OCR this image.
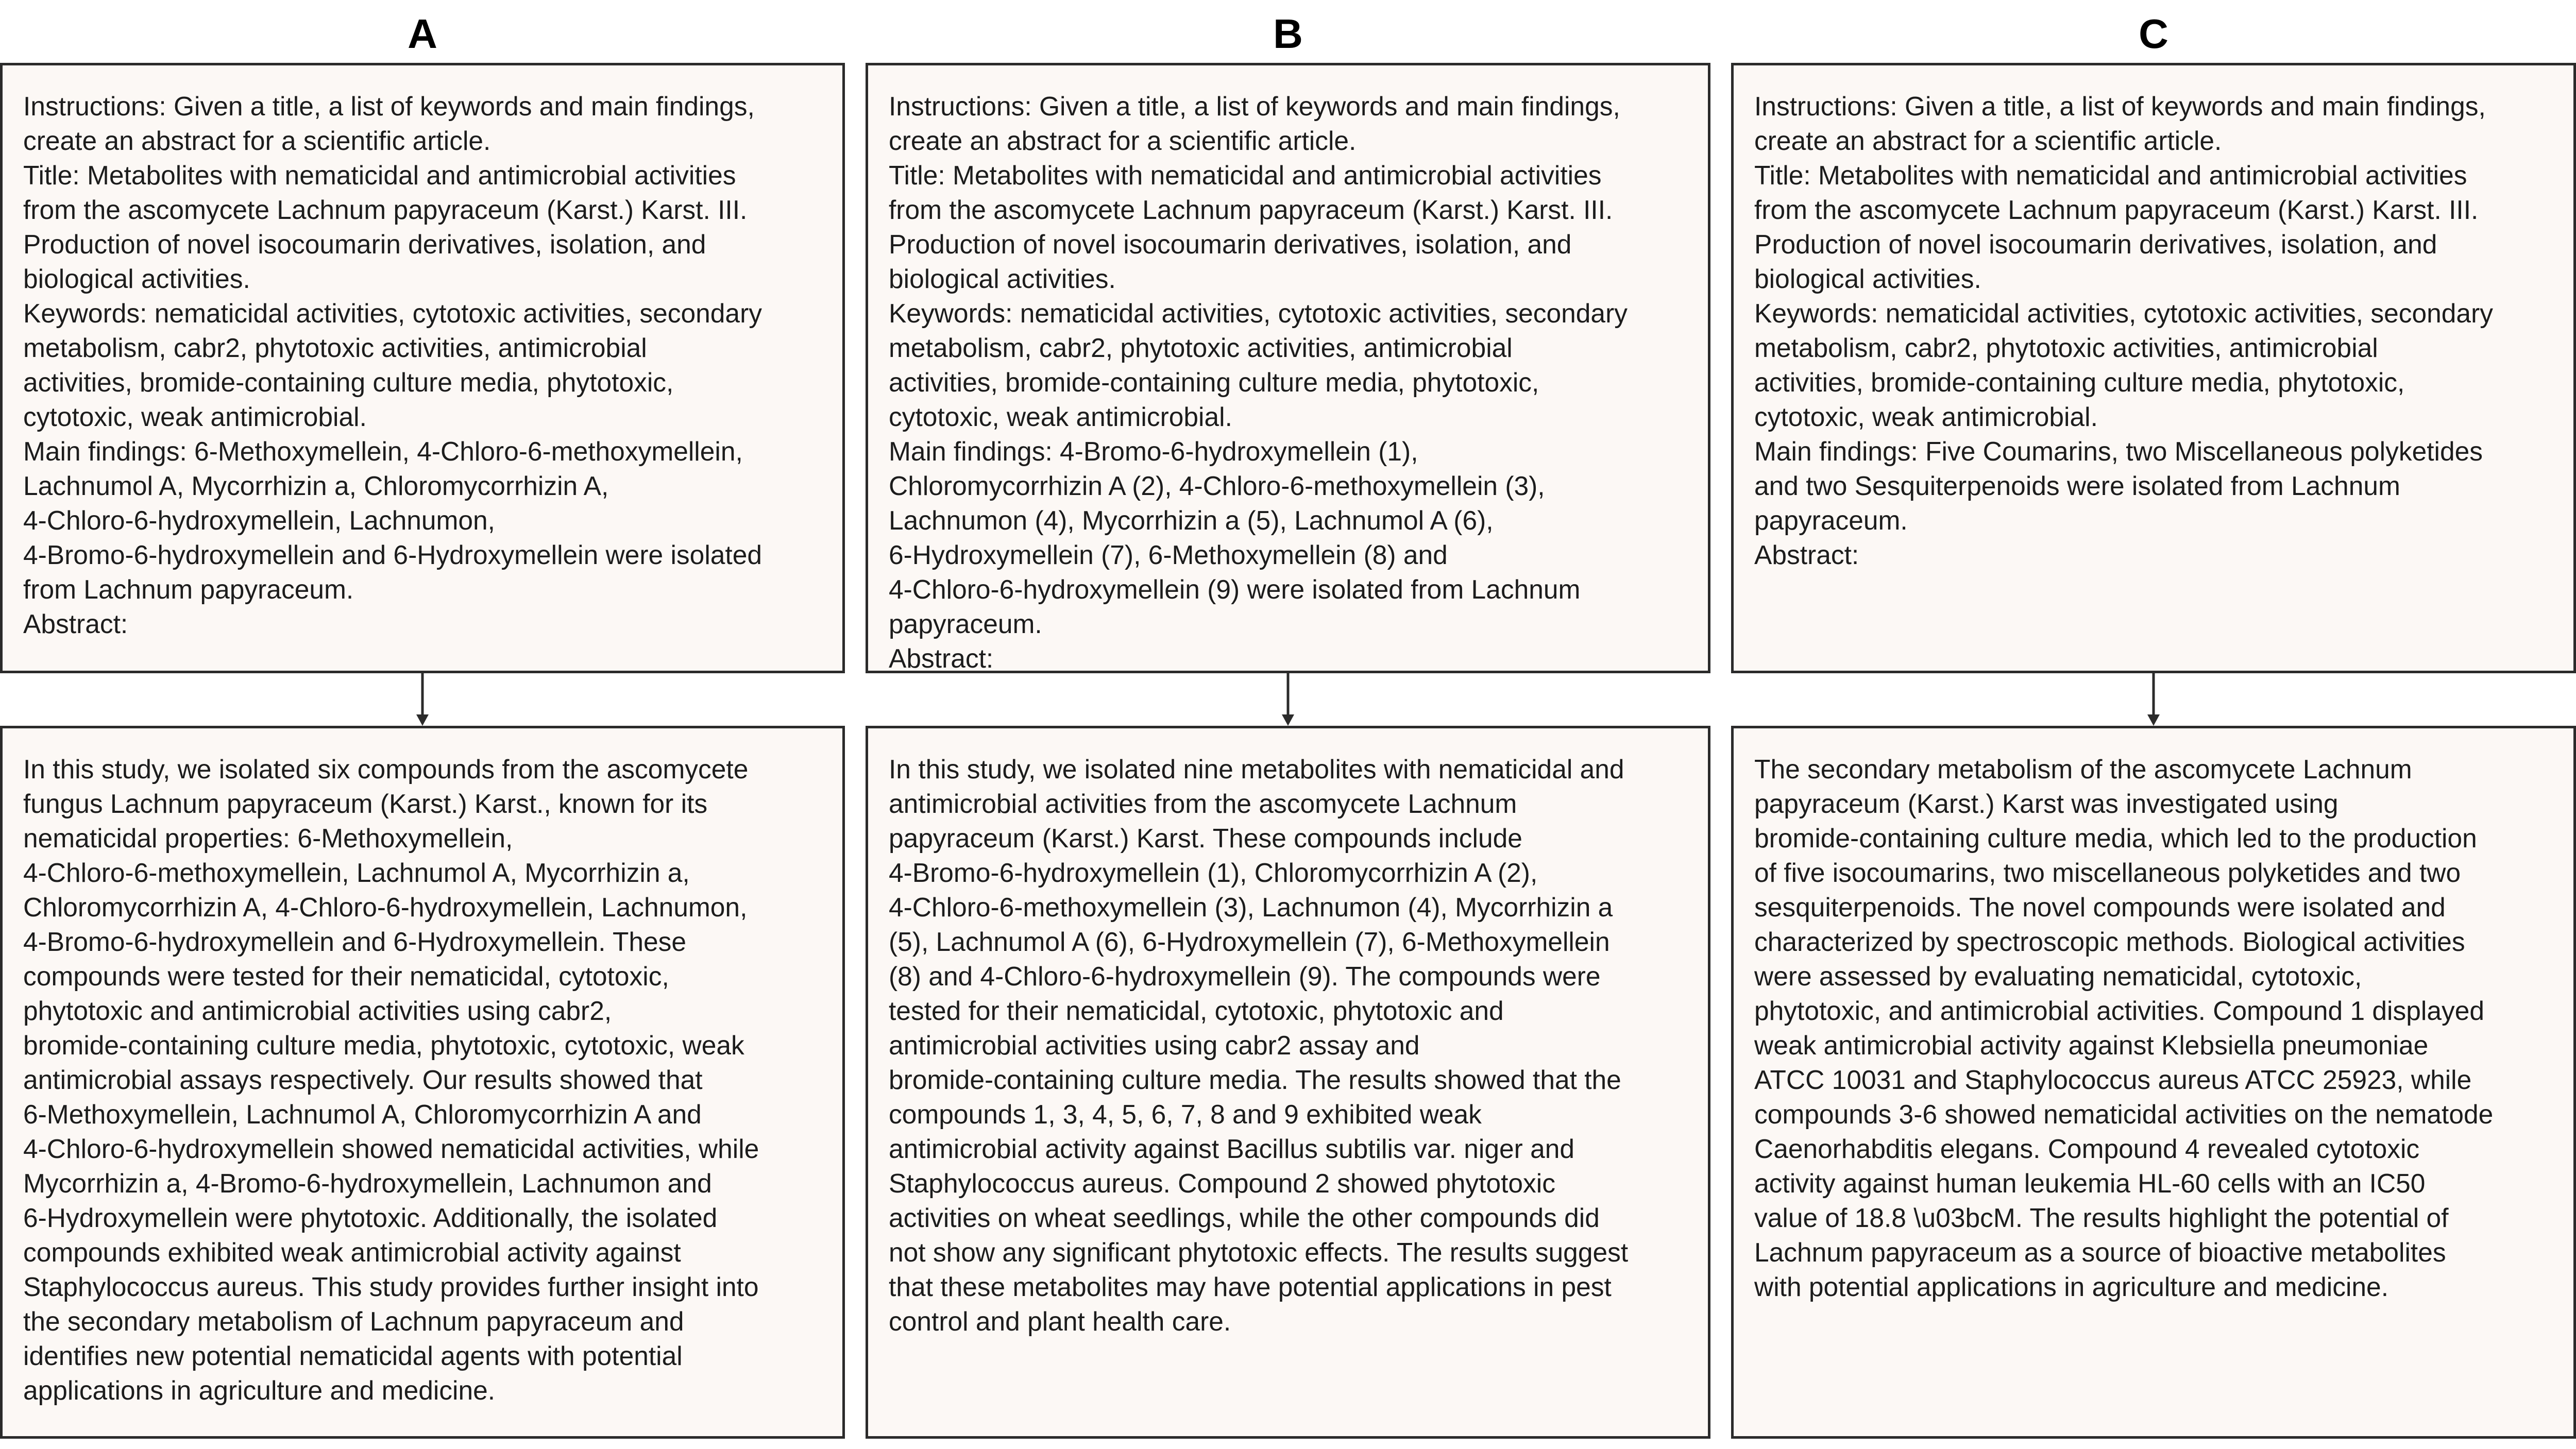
A	B	C
Instructions: Given a title, a list of keywords and main findings,
create an abstract for a scientific article.
Title: Metabolites with nematicidal and antimicrobial activities
from the ascomycete Lachnum papyraceum (Karst.) Karst. III.
Production of novel isocoumarin derivatives, isolation, and
biological activities.
Keywords: nematicidal activities, cytotoxic activities, secondary
metabolism, cabr2, phytotoxic activities, antimicrobial
activities, bromide-containing culture media, phytotoxic,
cytotoxic, weak antimicrobial.
Main findings: 6-Methoxymellein, 4-Chloro-6-methoxymellein,
Lachnumol A, Mycorrhizin a, Chloromycorrhizin A,
4-Chloro-6-hydroxymellein, Lachnumon,
4-Bromo-6-hydroxymellein and 6-Hydroxymellein were isolated
from Lachnum papyraceum.
Abstract:
In this study, we isolated six compounds from the ascomycete
fungus Lachnum papyraceum (Karst.) Karst., known for its
nematicidal properties: 6-Methoxymellein,
4-Chloro-6-methoxymellein, Lachnumol A, Mycorrhizin a,
Chloromycorrhizin A, 4-Chloro-6-hydroxymellein, Lachnumon,
4-Bromo-6-hydroxymellein and 6-Hydroxymellein. These
compounds were tested for their nematicidal, cytotoxic,
phytotoxic and antimicrobial activities using cabr2,
bromide-containing culture media, phytotoxic, cytotoxic, weak
antimicrobial assays respectively. Our results showed that
6-Methoxymellein, Lachnumol A, Chloromycorrhizin A and
4-Chloro-6-hydroxymellein showed nematicidal activities, while
Mycorrhizin a, 4-Bromo-6-hydroxymellein, Lachnumon and
6-Hydroxymellein were phytotoxic. Additionally, the isolated
compounds exhibited weak antimicrobial activity against
Staphylococcus aureus. This study provides further insight into
the secondary metabolism of Lachnum papyraceum and
identifies new potential nematicidal agents with potential
applications in agriculture and medicine.
Instructions: Given a title, a list of keywords and main findings,
create an abstract for a scientific article.
Title: Metabolites with nematicidal and antimicrobial activities
from the ascomycete Lachnum papyraceum (Karst.) Karst. III.
Production of novel isocoumarin derivatives, isolation, and
biological activities.
Keywords: nematicidal activities, cytotoxic activities, secondary
metabolism, cabr2, phytotoxic activities, antimicrobial
activities, bromide-containing culture media, phytotoxic,
cytotoxic, weak antimicrobial.
Main findings: 4-Bromo-6-hydroxymellein (1),
Chloromycorrhizin A (2), 4-Chloro-6-methoxymellein (3),
Lachnumon (4), Mycorrhizin a (5), Lachnumol A (6),
6-Hydroxymellein (7), 6-Methoxymellein (8) and
4-Chloro-6-hydroxymellein (9) were isolated from Lachnum
papyraceum.
Abstract:
In this study, we isolated nine metabolites with nematicidal and
antimicrobial activities from the ascomycete Lachnum
papyraceum (Karst.) Karst. These compounds include
4-Bromo-6-hydroxymellein (1), Chloromycorrhizin A (2),
4-Chloro-6-methoxymellein (3), Lachnumon (4), Mycorrhizin a
(5), Lachnumol A (6), 6-Hydroxymellein (7), 6-Methoxymellein
(8) and 4-Chloro-6-hydroxymellein (9). The compounds were
tested for their nematicidal, cytotoxic, phytotoxic and
antimicrobial activities using cabr2 assay and
bromide-containing culture media. The results showed that the
compounds 1, 3, 4, 5, 6, 7, 8 and 9 exhibited weak
antimicrobial activity against Bacillus subtilis var. niger and
Staphylococcus aureus. Compound 2 showed phytotoxic
activities on wheat seedlings, while the other compounds did
not show any significant phytotoxic effects. The results suggest
that these metabolites may have potential applications in pest
control and plant health care.
Instructions: Given a title, a list of keywords and main findings,
create an abstract for a scientific article.
Title: Metabolites with nematicidal and antimicrobial activities
from the ascomycete Lachnum papyraceum (Karst.) Karst. III.
Production of novel isocoumarin derivatives, isolation, and
biological activities.
Keywords: nematicidal activities, cytotoxic activities, secondary
metabolism, cabr2, phytotoxic activities, antimicrobial
activities, bromide-containing culture media, phytotoxic,
cytotoxic, weak antimicrobial.
Main findings: Five Coumarins, two Miscellaneous polyketides
and two Sesquiterpenoids were isolated from Lachnum
papyraceum.
Abstract:
The secondary metabolism of the ascomycete Lachnum
papyraceum (Karst.) Karst was investigated using
bromide-containing culture media, which led to the production
of five isocoumarins, two miscellaneous polyketides and two
sesquiterpenoids. The novel compounds were isolated and
characterized by spectroscopic methods. Biological activities
were assessed by evaluating nematicidal, cytotoxic,
phytotoxic, and antimicrobial activities. Compound 1 displayed
weak antimicrobial activity against Klebsiella pneumoniae
ATCC 10031 and Staphylococcus aureus ATCC 25923, while
compounds 3-6 showed nematicidal activities on the nematode
Caenorhabditis elegans. Compound 4 revealed cytotoxic
activity against human leukemia HL-60 cells with an IC50
value of 18.8 \u03bcM. The results highlight the potential of
Lachnum papyraceum as a source of bioactive metabolites
with potential applications in agriculture and medicine.
